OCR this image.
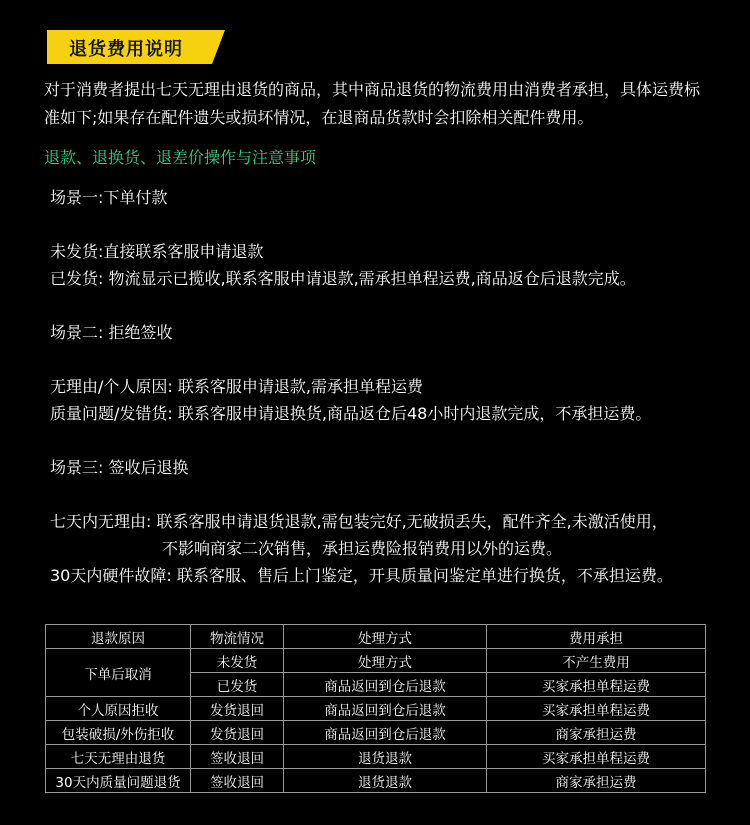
退货费用说明
对于消费者提出七天无理由退货的商品，其中商品退货的物流费用由消费者承担，具体运费标准如下;如果存在配件遗失或损坏情况，在退商品货款时会扣除相关配件费用。
退款、退换货、退差价操作与注意事项
场景一:下单付款
未发货:直接联系客服申请退款
已发货: 物流显示已揽收,联系客服申请退款,需承担单程运费,商品返仓后退款完成。
场景二: 拒绝签收
无理由/个人原因: 联系客服申请退款,需承担单程运费
质量问题/发错货: 联系客服申请退换货,商品返仓后48小时内退款完成，不承担运费。
场景三: 签收后退换
七天内无理由: 联系客服申请退货退款,需包装完好,无破损丢失，配件齐全,未激活使用，
不影响商家二次销售，承担运费险报销费用以外的运费。
30天内硬件故障: 联系客服、售后上门鉴定，开具质量问鉴定单进行换货，不承担运费。
退款原因	物流情况	处理方式	费用承担
下单后取消	未发货	处理方式	不产生费用
	已发货	商品返回到仓后退款	买家承担单程运费
个人原因拒收	发货退回	商品返回到仓后退款	买家承担单程运费
包装破损/外伤拒收	发货退回	商品返回到仓后退款	商家承担运费
七天无理由退货	签收退回	退货退款	买家承担单程运费
30天内质量问题退货	签收退回	退货退款	商家承担运费
